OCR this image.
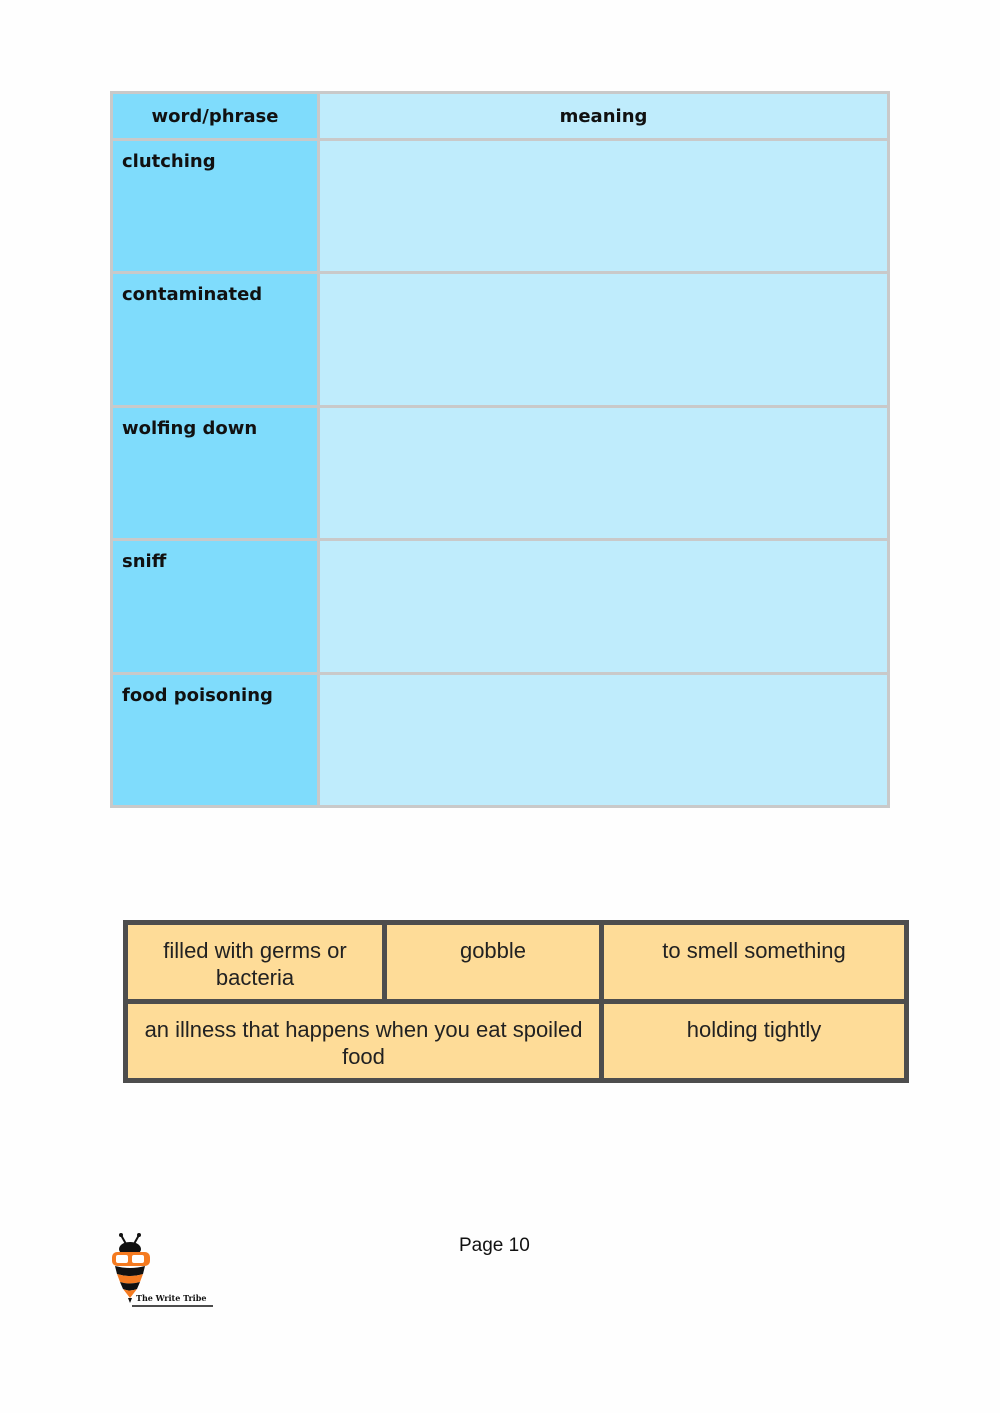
word/phrase	meaning
clutching
contaminated
wolfing down
sniff
food poisoning
filled with germs or bacteria
gobble	to smell something
an illness that happens when you eat spoiled food
holding tightly
Page 10
The Write Tribe
